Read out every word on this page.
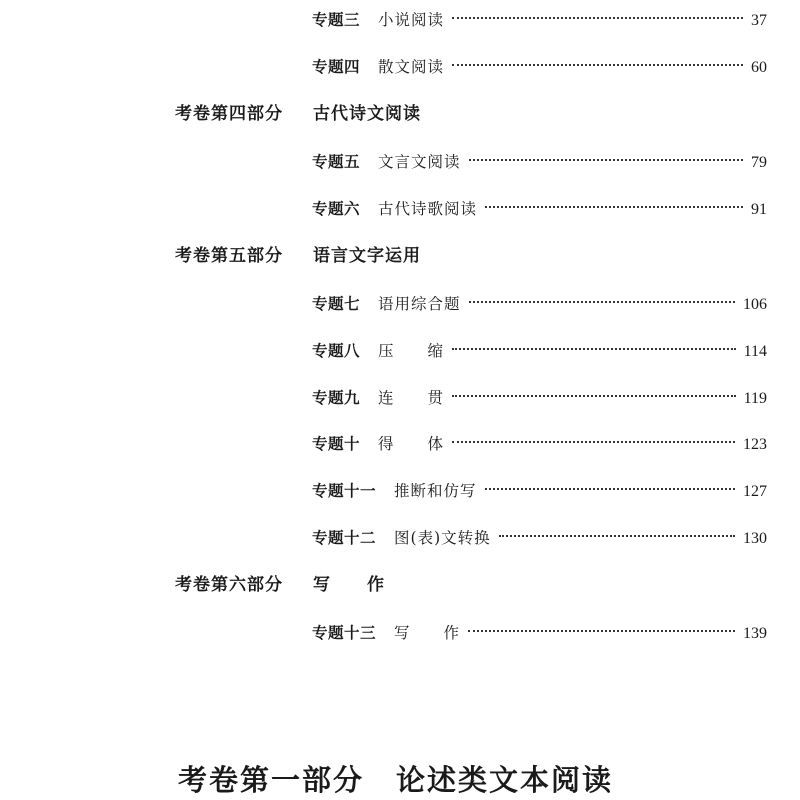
专题三 小说阅读	37
专题四 散文阅读	60
考卷第四部分 古代诗文阅读
专题五 文言文阅读	79
专题六 古代诗歌阅读	91
考卷第五部分 语言文字运用
专题七 语用综合题	106
专题八 压　　缩	114
专题九 连　　贯	119
专题十 得　　体	123
专题十一 推断和仿写	127
专题十二 图(表)文转换	130
考卷第六部分 写　　作
专题十三 写　　作	139
考卷第一部分 论述类文本阅读
